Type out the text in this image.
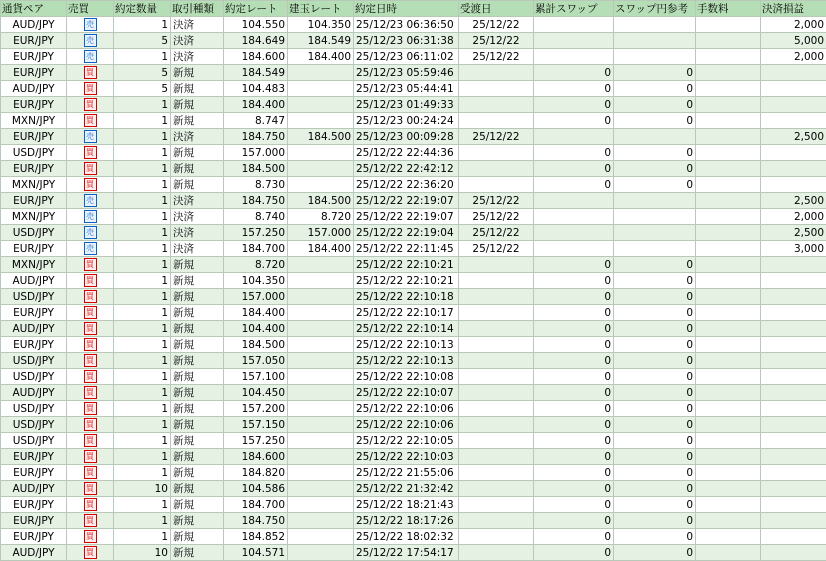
通貨ペア	売買	約定数量	取引種類	約定レート	建玉レート	約定日時	受渡日	累計スワップ	スワップ円参考	手数料	決済損益
AUD/JPY	売	1	決済	104.550	104.350	25/12/23 06:36:50	25/12/22				2,000
EUR/JPY	売	5	決済	184.649	184.549	25/12/23 06:31:38	25/12/22				5,000
EUR/JPY	売	1	決済	184.600	184.400	25/12/23 06:11:02	25/12/22				2,000
EUR/JPY	買	5	新規	184.549		25/12/23 05:59:46		0	0		
AUD/JPY	買	5	新規	104.483		25/12/23 05:44:41		0	0		
EUR/JPY	買	1	新規	184.400		25/12/23 01:49:33		0	0		
MXN/JPY	買	1	新規	8.747		25/12/23 00:24:24		0	0		
EUR/JPY	売	1	決済	184.750	184.500	25/12/23 00:09:28	25/12/22				2,500
USD/JPY	買	1	新規	157.000		25/12/22 22:44:36		0	0		
EUR/JPY	買	1	新規	184.500		25/12/22 22:42:12		0	0		
MXN/JPY	買	1	新規	8.730		25/12/22 22:36:20		0	0		
EUR/JPY	売	1	決済	184.750	184.500	25/12/22 22:19:07	25/12/22				2,500
MXN/JPY	売	1	決済	8.740	8.720	25/12/22 22:19:07	25/12/22				2,000
USD/JPY	売	1	決済	157.250	157.000	25/12/22 22:19:04	25/12/22				2,500
EUR/JPY	売	1	決済	184.700	184.400	25/12/22 22:11:45	25/12/22				3,000
MXN/JPY	買	1	新規	8.720		25/12/22 22:10:21		0	0		
AUD/JPY	買	1	新規	104.350		25/12/22 22:10:21		0	0		
USD/JPY	買	1	新規	157.000		25/12/22 22:10:18		0	0		
EUR/JPY	買	1	新規	184.400		25/12/22 22:10:17		0	0		
AUD/JPY	買	1	新規	104.400		25/12/22 22:10:14		0	0		
EUR/JPY	買	1	新規	184.500		25/12/22 22:10:13		0	0		
USD/JPY	買	1	新規	157.050		25/12/22 22:10:13		0	0		
USD/JPY	買	1	新規	157.100		25/12/22 22:10:08		0	0		
AUD/JPY	買	1	新規	104.450		25/12/22 22:10:07		0	0		
USD/JPY	買	1	新規	157.200		25/12/22 22:10:06		0	0		
USD/JPY	買	1	新規	157.150		25/12/22 22:10:06		0	0		
USD/JPY	買	1	新規	157.250		25/12/22 22:10:05		0	0		
EUR/JPY	買	1	新規	184.600		25/12/22 22:10:03		0	0		
EUR/JPY	買	1	新規	184.820		25/12/22 21:55:06		0	0		
AUD/JPY	買	10	新規	104.586		25/12/22 21:32:42		0	0		
EUR/JPY	買	1	新規	184.700		25/12/22 18:21:43		0	0		
EUR/JPY	買	1	新規	184.750		25/12/22 18:17:26		0	0		
EUR/JPY	買	1	新規	184.852		25/12/22 18:02:32		0	0		
AUD/JPY	買	10	新規	104.571		25/12/22 17:54:17		0	0		
